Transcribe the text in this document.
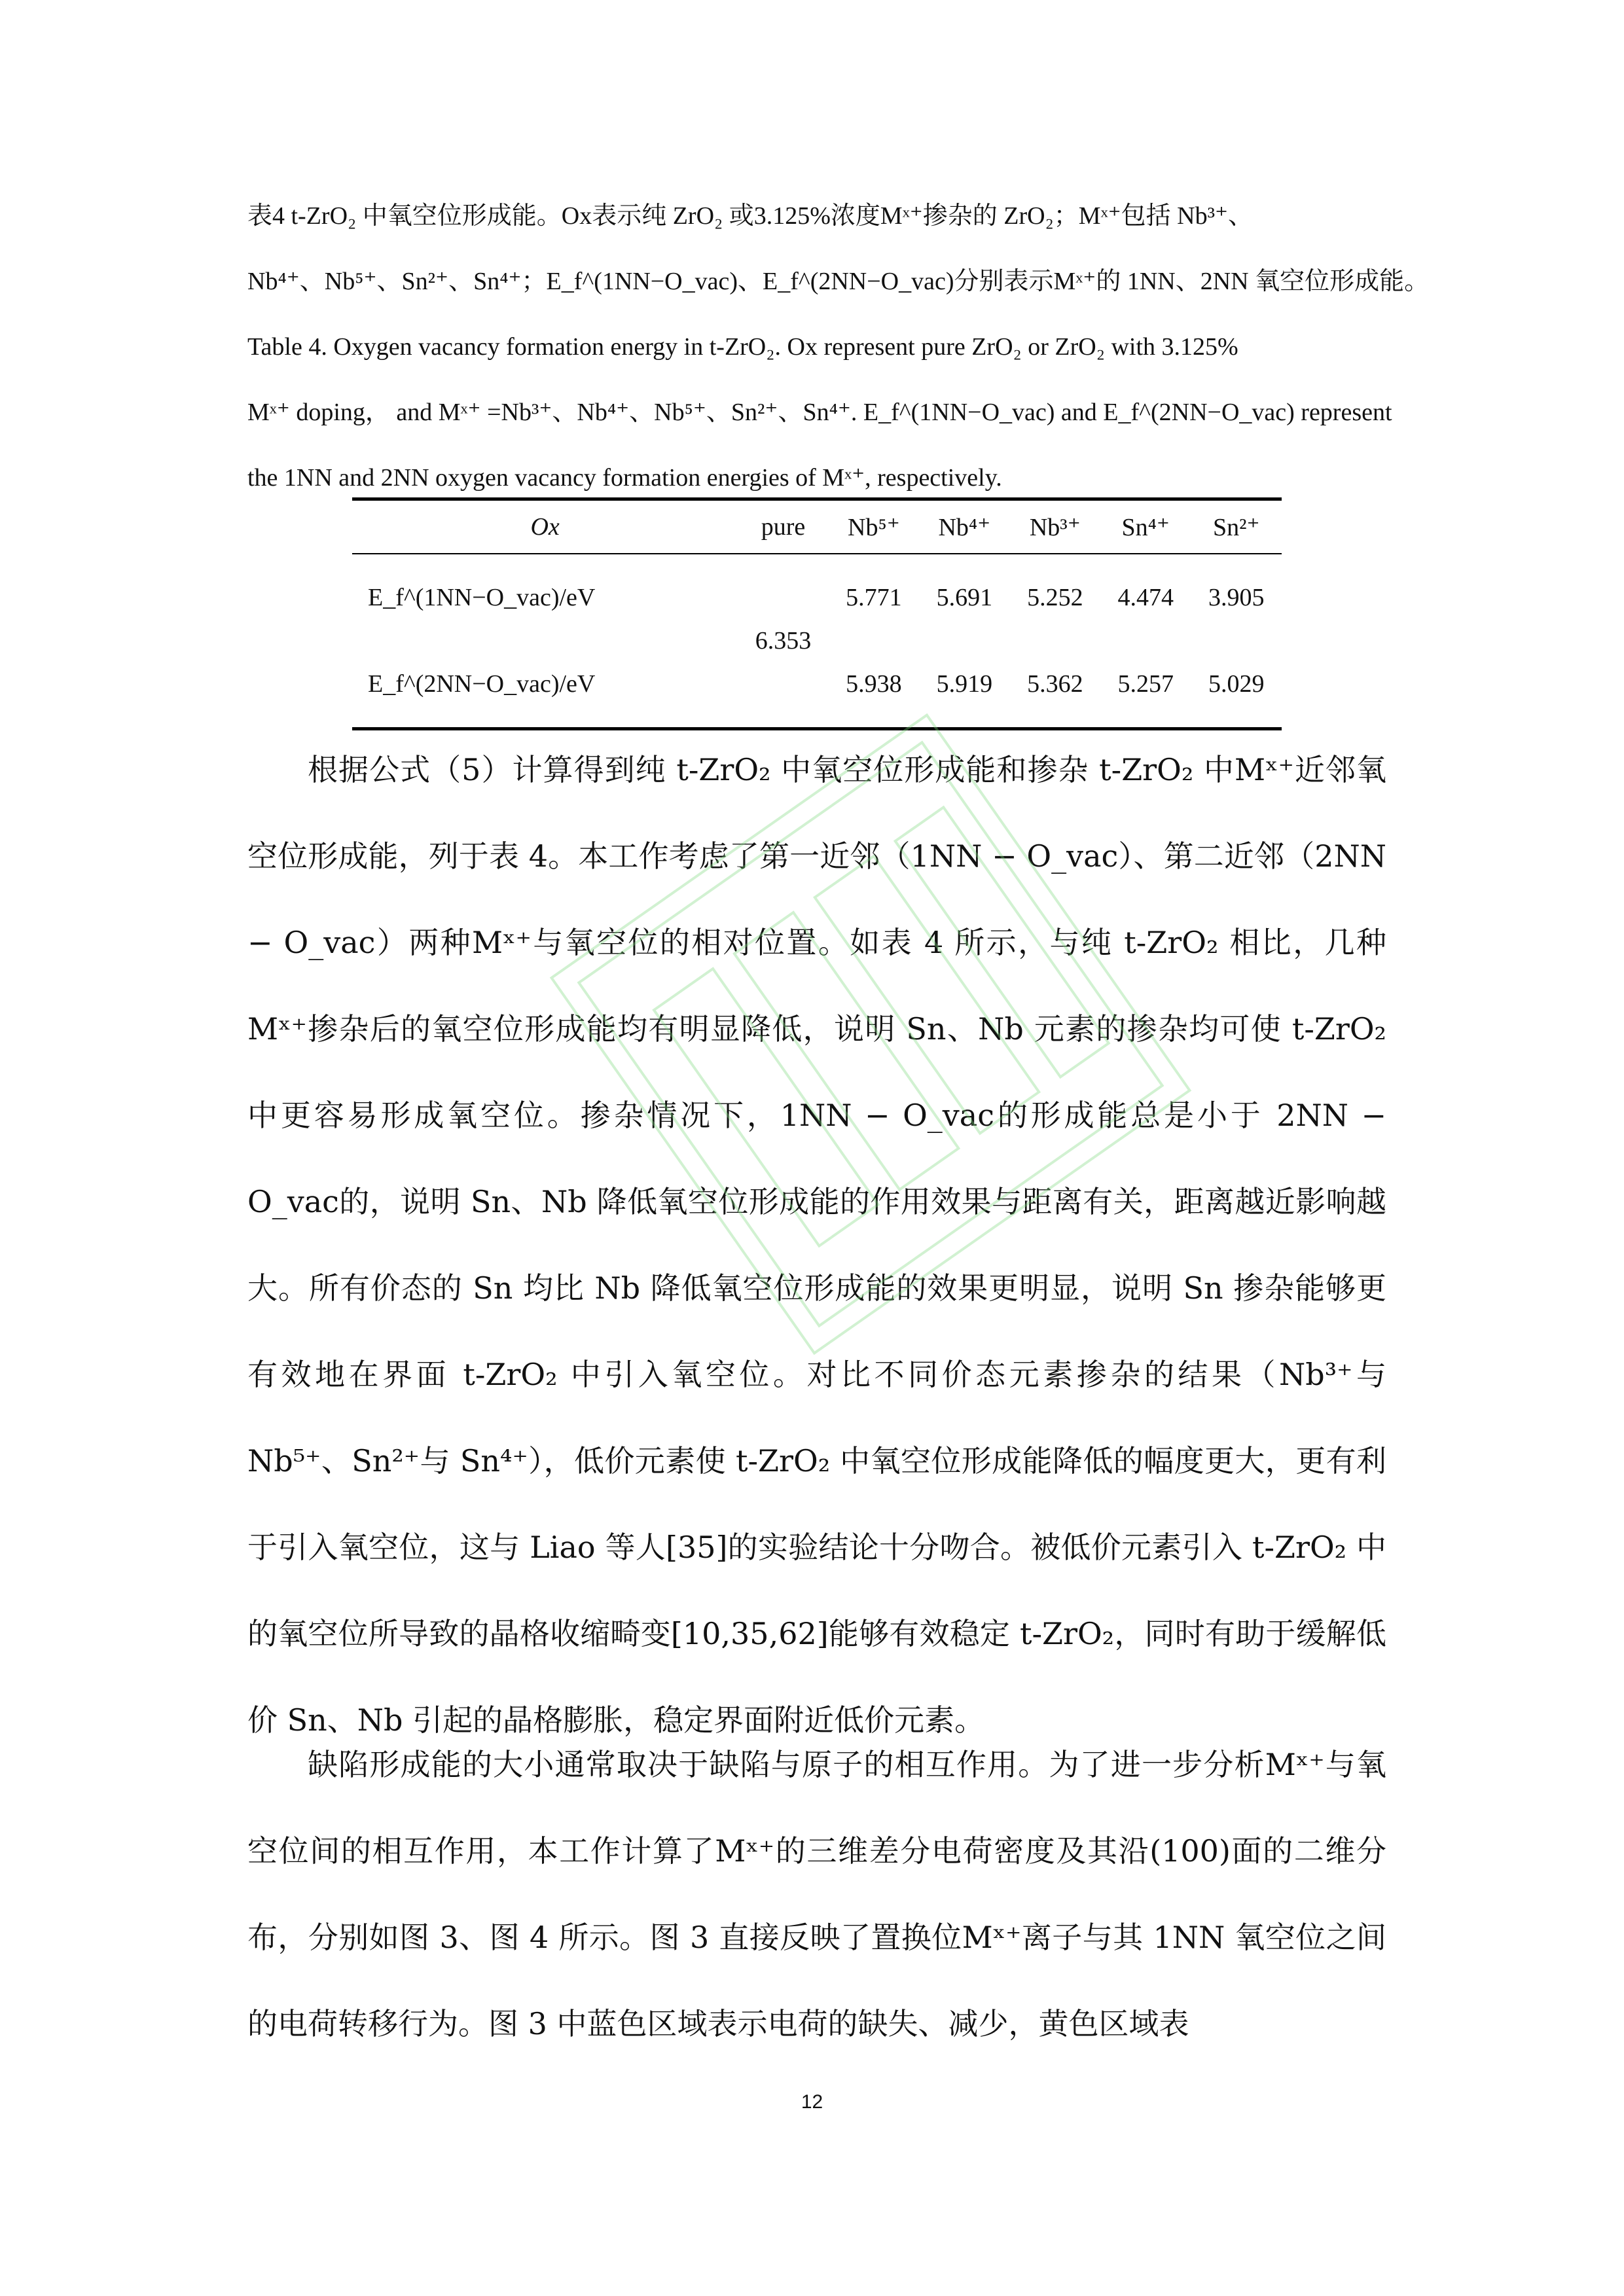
表4 t-ZrO₂ 中氧空位形成能。Ox表示纯 ZrO₂ 或3.125%浓度Mˣ⁺掺杂的 ZrO₂；Mˣ⁺包括 Nb³⁺、

Nb⁴⁺、Nb⁵⁺、Sn²⁺、Sn⁴⁺；E_f^(1NN−O_vac)、E_f^(2NN−O_vac)分别表示Mˣ⁺的 1NN、2NN 氧空位形成能。

Table 4. Oxygen vacancy formation energy in t-ZrO₂. Ox represent pure ZrO₂ or ZrO₂ with 3.125%

Mˣ⁺ doping， and Mˣ⁺ =Nb³⁺、Nb⁴⁺、Nb⁵⁺、Sn²⁺、Sn⁴⁺. E_f^(1NN−O_vac) and E_f^(2NN−O_vac) represent

the 1NN and 2NN oxygen vacancy formation energies of Mˣ⁺, respectively.

Ox	pure	Nb⁵⁺	Nb⁴⁺	Nb³⁺	Sn⁴⁺	Sn²⁺
E_f^(1NN−O_vac)/eV	6.353	5.771	5.691	5.252	4.474	3.905
E_f^(2NN−O_vac)/eV		5.938	5.919	5.362	5.257	5.029

根据公式（5）计算得到纯 t-ZrO₂ 中氧空位形成能和掺杂 t-ZrO₂ 中Mˣ⁺近邻氧空位形成能，列于表 4。本工作考虑了第一近邻（1NN − O_vac）、第二近邻（2NN − O_vac）两种Mˣ⁺与氧空位的相对位置。如表 4 所示，与纯 t-ZrO₂ 相比，几种Mˣ⁺掺杂后的氧空位形成能均有明显降低，说明 Sn、Nb 元素的掺杂均可使 t-ZrO₂ 中更容易形成氧空位。掺杂情况下，1NN − O_vac的形成能总是小于 2NN − O_vac的，说明 Sn、Nb 降低氧空位形成能的作用效果与距离有关，距离越近影响越大。所有价态的 Sn 均比 Nb 降低氧空位形成能的效果更明显，说明 Sn 掺杂能够更有效地在界面 t-ZrO₂ 中引入氧空位。对比不同价态元素掺杂的结果（Nb³⁺与 Nb⁵⁺、Sn²⁺与 Sn⁴⁺），低价元素使 t-ZrO₂ 中氧空位形成能降低的幅度更大，更有利于引入氧空位，这与 Liao 等人[35]的实验结论十分吻合。被低价元素引入 t-ZrO₂ 中的氧空位所导致的晶格收缩畸变[10,35,62]能够有效稳定 t-ZrO₂，同时有助于缓解低价 Sn、Nb 引起的晶格膨胀，稳定界面附近低价元素。

缺陷形成能的大小通常取决于缺陷与原子的相互作用。为了进一步分析Mˣ⁺与氧空位间的相互作用，本工作计算了Mˣ⁺的三维差分电荷密度及其沿(100)面的二维分布，分别如图 3、图 4 所示。图 3 直接反映了置换位Mˣ⁺离子与其 1NN 氧空位之间的电荷转移行为。图 3 中蓝色区域表示电荷的缺失、减少，黄色区域表

12
